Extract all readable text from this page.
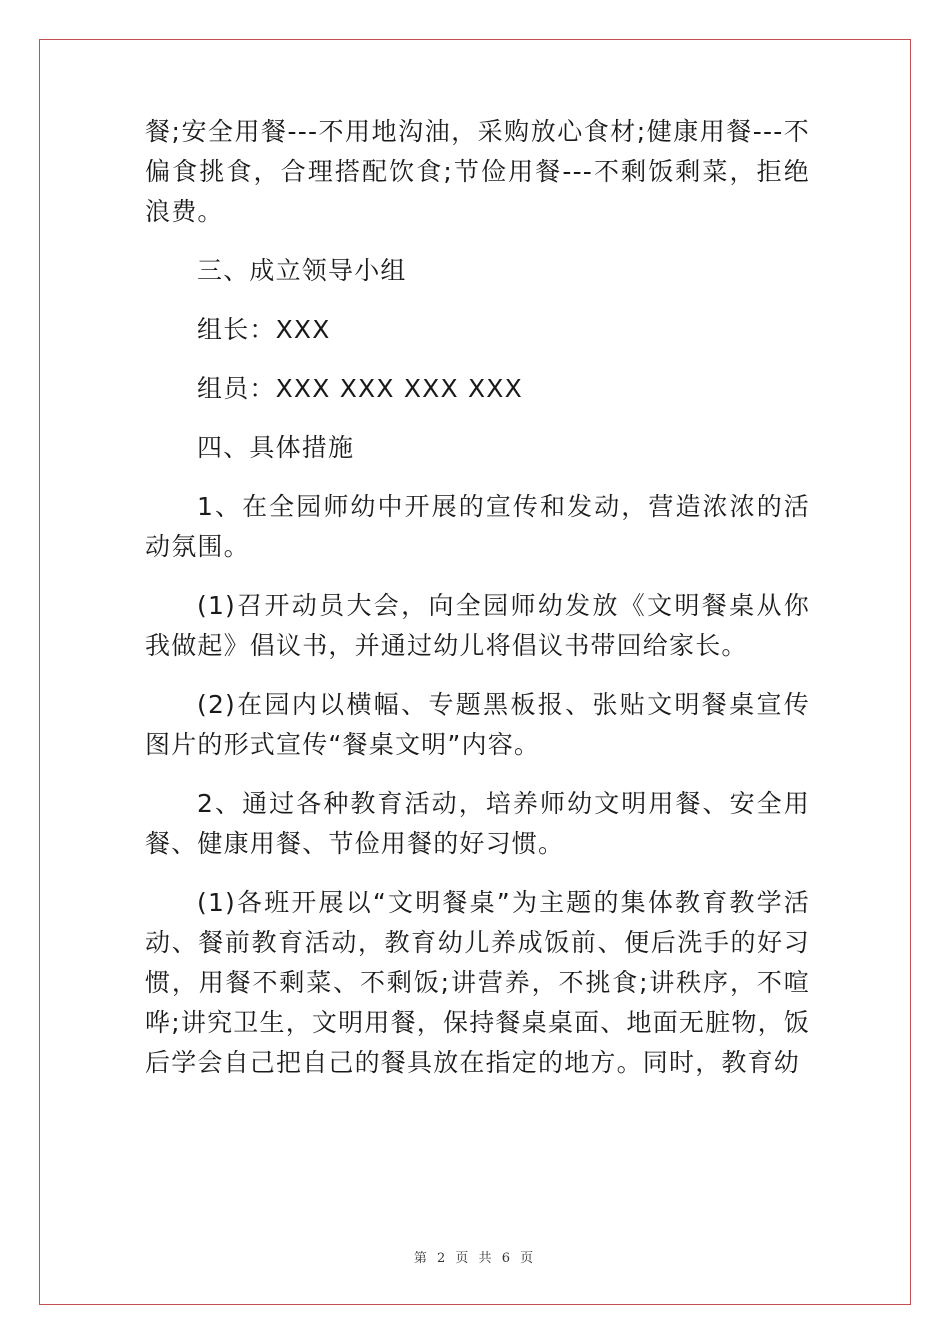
餐;安全用餐---不用地沟油，采购放心食材;健康用餐---不偏食挑食，合理搭配饮食;节俭用餐---不剩饭剩菜，拒绝浪费。

三、成立领导小组

组长：XXX

组员：XXX XXX XXX XXX

四、具体措施

1、在全园师幼中开展的宣传和发动，营造浓浓的活动氛围。

(1)召开动员大会，向全园师幼发放《文明餐桌从你我做起》倡议书，并通过幼儿将倡议书带回给家长。

(2)在园内以横幅、专题黑板报、张贴文明餐桌宣传图片的形式宣传“餐桌文明”内容。

2、通过各种教育活动，培养师幼文明用餐、安全用餐、健康用餐、节俭用餐的好习惯。

(1)各班开展以“文明餐桌”为主题的集体教育教学活动、餐前教育活动，教育幼儿养成饭前、便后洗手的好习惯，用餐不剩菜、不剩饭;讲营养，不挑食;讲秩序，不喧哗;讲究卫生，文明用餐，保持餐桌桌面、地面无脏物，饭后学会自己把自己的餐具放在指定的地方。同时，教育幼

第 2 页 共 6 页
